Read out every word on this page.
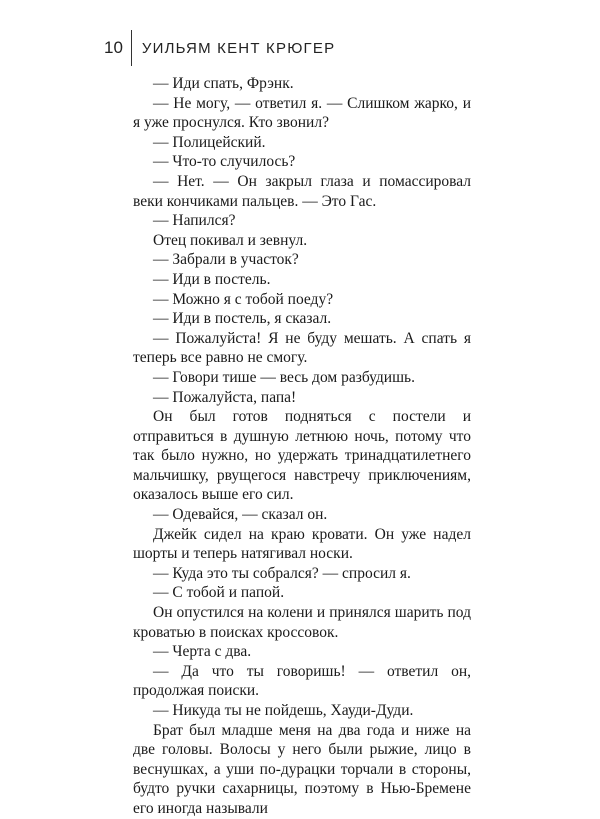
10	УИЛЬЯМ КЕНТ КРЮГЕР

— Иди спать, Фрэнк.

— Не могу, — ответил я. — Слишком жарко, и я уже проснулся. Кто звонил?

— Полицейский.

— Что-то случилось?

— Нет. — Он закрыл глаза и помассировал веки кончиками пальцев. — Это Гас.

— Напился?

Отец покивал и зевнул.

— Забрали в участок?

— Иди в постель.

— Можно я с тобой поеду?

— Иди в постель, я сказал.

— Пожалуйста! Я не буду мешать. А спать я теперь все равно не смогу.

— Говори тише — весь дом разбудишь.

— Пожалуйста, папа!

Он был готов подняться с постели и отправиться в душную летнюю ночь, потому что так было нужно, но удержать тринадцатилетнего мальчишку, рвущегося навстречу приключениям, оказалось выше его сил.

— Одевайся, — сказал он.

Джейк сидел на краю кровати. Он уже надел шорты и теперь натягивал носки.

— Куда это ты собрался? — спросил я.

— С тобой и папой.

Он опустился на колени и принялся шарить под кроватью в поисках кроссовок.

— Черта с два.

— Да что ты говоришь! — ответил он, продолжая поиски.

— Никуда ты не пойдешь, Хауди-Дуди.

Брат был младше меня на два года и ниже на две головы. Волосы у него были рыжие, лицо в веснушках, а уши по-дурацки торчали в стороны, будто ручки сахарницы, поэтому в Нью-Бремене его иногда называли
